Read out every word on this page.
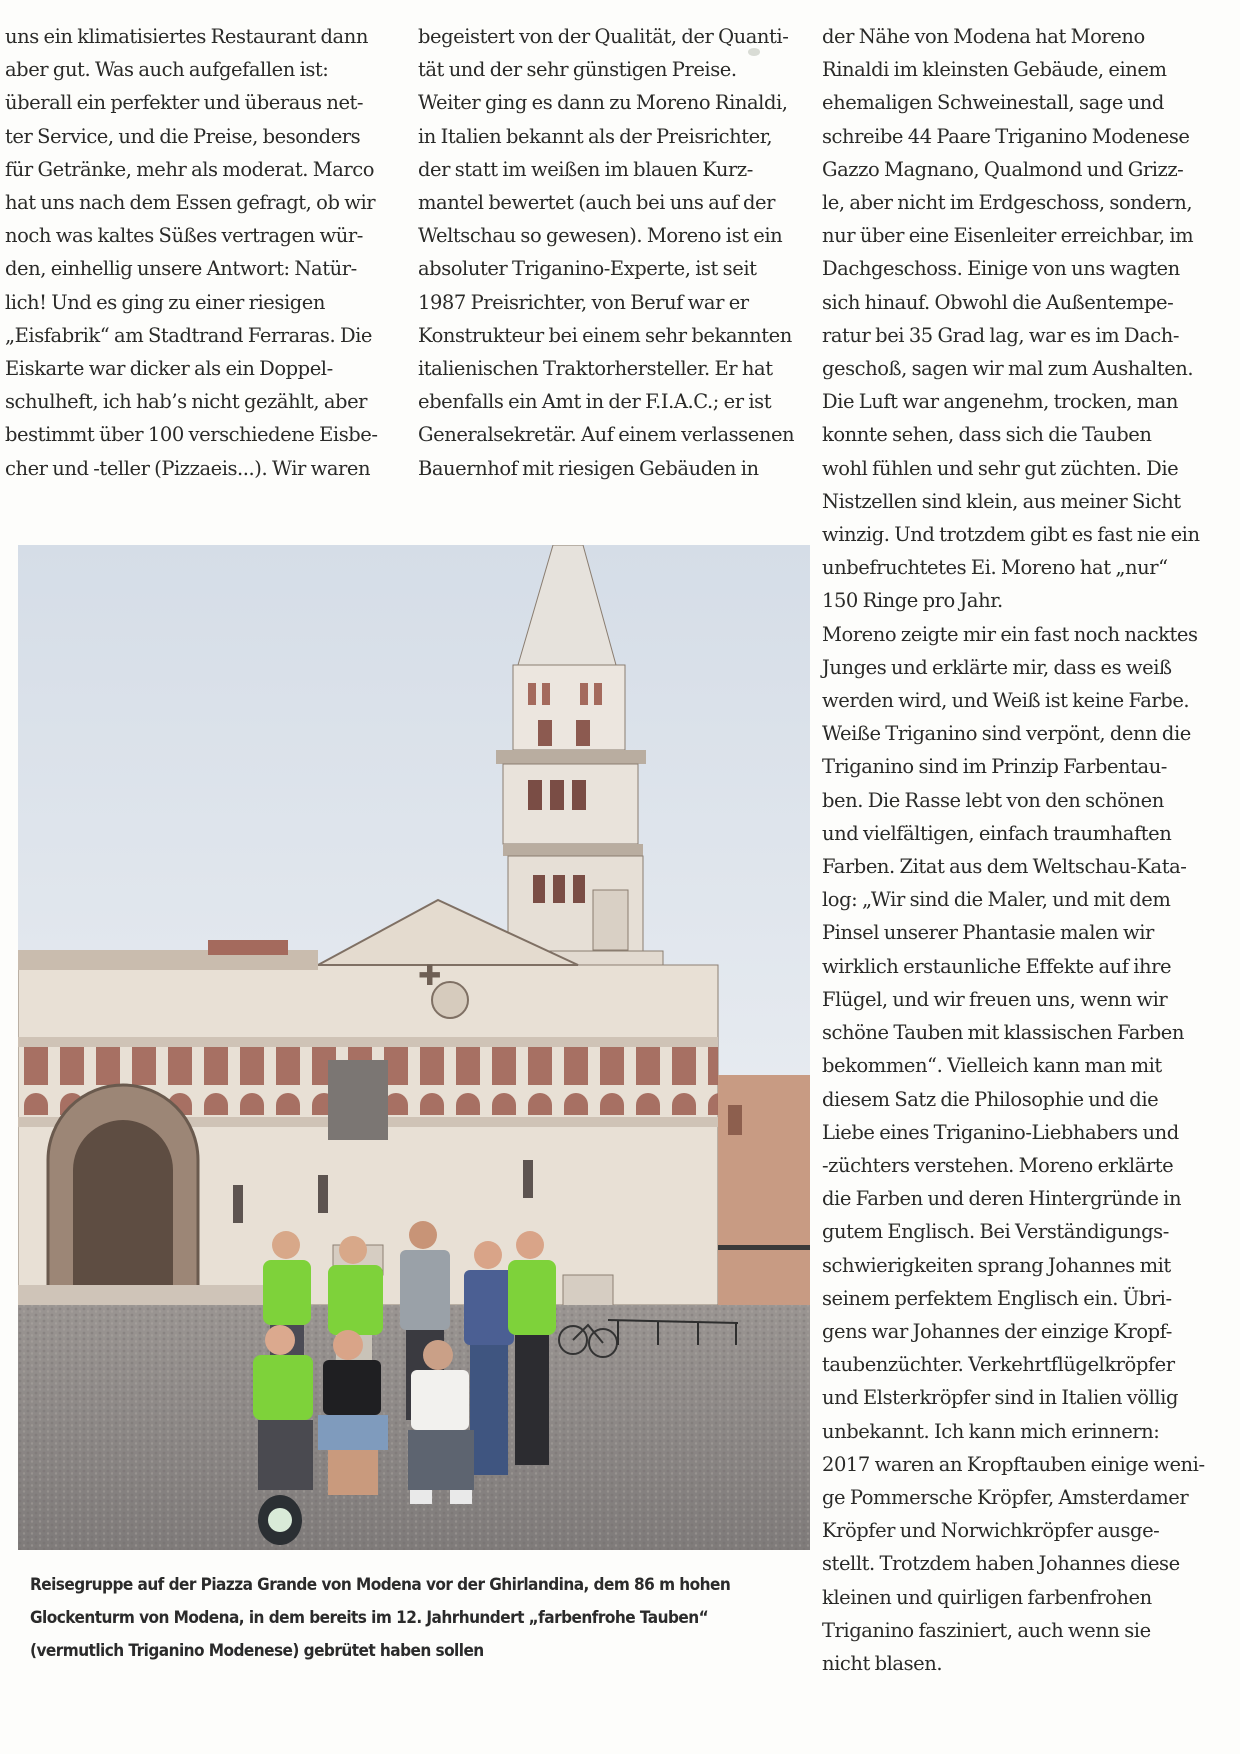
uns ein klimatisiertes Restaurant dann
aber gut. Was auch aufgefallen ist:
überall ein perfekter und überaus net-
ter Service, und die Preise, besonders
für Getränke, mehr als moderat. Marco
hat uns nach dem Essen gefragt, ob wir
noch was kaltes Süßes vertragen wür-
den, einhellig unsere Antwort: Natür-
lich! Und es ging zu einer riesigen
„Eisfabrik“ am Stadtrand Ferraras. Die
Eiskarte war dicker als ein Doppel-
schulheft, ich hab’s nicht gezählt, aber
bestimmt über 100 verschiedene Eisbe-
cher und -teller (Pizzaeis...). Wir waren
begeistert von der Qualität, der Quanti-
tät und der sehr günstigen Preise.
Weiter ging es dann zu Moreno Rinaldi,
in Italien bekannt als der Preisrichter,
der statt im weißen im blauen Kurz-
mantel bewertet (auch bei uns auf der
Weltschau so gewesen). Moreno ist ein
absoluter Triganino-Experte, ist seit
1987 Preisrichter, von Beruf war er
Konstrukteur bei einem sehr bekannten
italienischen Traktorhersteller. Er hat
ebenfalls ein Amt in der F.I.A.C.; er ist
Generalsekretär. Auf einem verlassenen
Bauernhof mit riesigen Gebäuden in
der Nähe von Modena hat Moreno
Rinaldi im kleinsten Gebäude, einem
ehemaligen Schweinestall, sage und
schreibe 44 Paare Triganino Modenese
Gazzo Magnano, Qualmond und Grizz-
le, aber nicht im Erdgeschoss, sondern,
nur über eine Eisenleiter erreichbar, im
Dachgeschoss. Einige von uns wagten
sich hinauf. Obwohl die Außentempe-
ratur bei 35 Grad lag, war es im Dach-
geschoß, sagen wir mal zum Aushalten.
Die Luft war angenehm, trocken, man
konnte sehen, dass sich die Tauben
wohl fühlen und sehr gut züchten. Die
Nistzellen sind klein, aus meiner Sicht
winzig. Und trotzdem gibt es fast nie ein
unbefruchtetes Ei. Moreno hat „nur“
150 Ringe pro Jahr.
Moreno zeigte mir ein fast noch nacktes
Junges und erklärte mir, dass es weiß
werden wird, und Weiß ist keine Farbe.
Weiße Triganino sind verpönt, denn die
Triganino sind im Prinzip Farbentau-
ben. Die Rasse lebt von den schönen
und vielfältigen, einfach traumhaften
Farben. Zitat aus dem Weltschau-Kata-
log: „Wir sind die Maler, und mit dem
Pinsel unserer Phantasie malen wir
wirklich erstaunliche Effekte auf ihre
Flügel, und wir freuen uns, wenn wir
schöne Tauben mit klassischen Farben
bekommen“. Vielleich kann man mit
diesem Satz die Philosophie und die
Liebe eines Triganino-Liebhabers und
-züchters verstehen. Moreno erklärte
die Farben und deren Hintergründe in
gutem Englisch. Bei Verständigungs-
schwierigkeiten sprang Johannes mit
seinem perfektem Englisch ein. Übri-
gens war Johannes der einzige Kropf-
taubenzüchter. Verkehrtflügelkröpfer
und Elsterkröpfer sind in Italien völlig
unbekannt. Ich kann mich erinnern:
2017 waren an Kropftauben einige weni-
ge Pommersche Kröpfer, Amsterdamer
Kröpfer und Norwichkröpfer ausge-
stellt. Trotzdem haben Johannes diese
kleinen und quirligen farbenfrohen
Triganino fasziniert, auch wenn sie
nicht blasen.
✚
Reisegruppe auf der Piazza Grande von Modena vor der Ghirlandina, dem 86 m hohen
Glockenturm von Modena, in dem bereits im 12. Jahrhundert „farbenfrohe Tauben“
(vermutlich Triganino Modenese) gebrütet haben sollen
